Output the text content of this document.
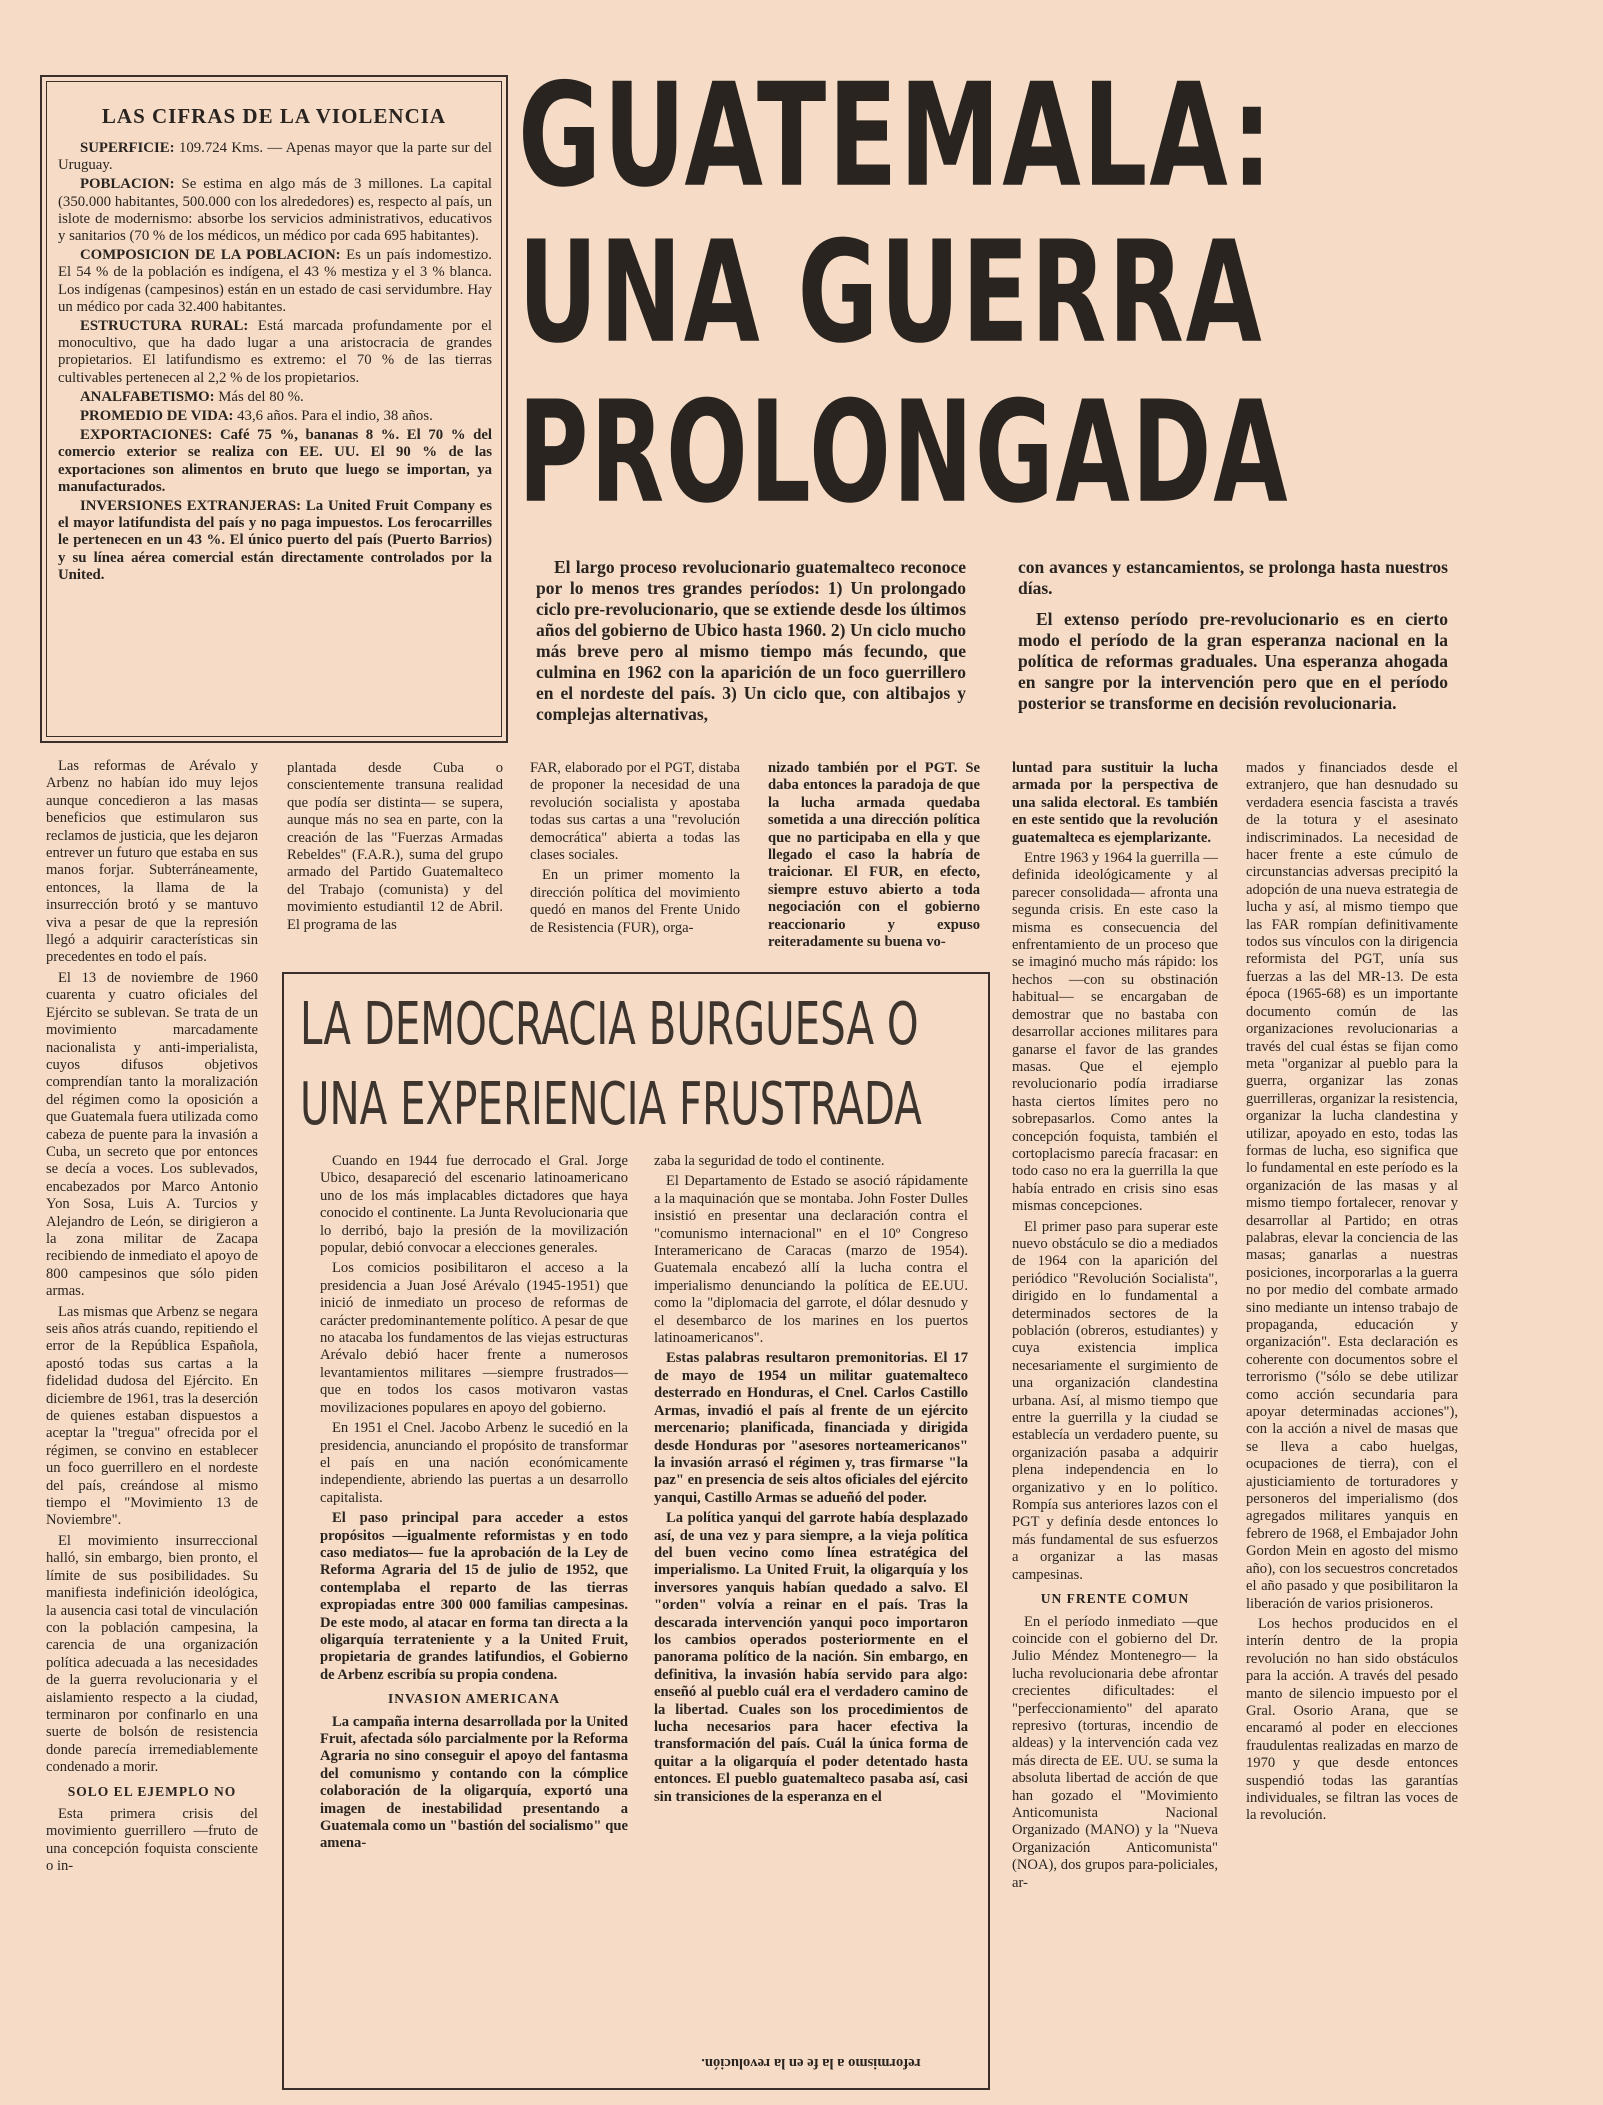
LAS CIFRAS DE LA VIOLENCIA

SUPERFICIE: 109.724 Kms. — Apenas mayor que la parte sur del Uruguay.

POBLACION: Se estima en algo más de 3 millones. La capital (350.000 habitantes, 500.000 con los alrededores) es, respecto al país, un islote de modernismo: absorbe los servicios administrativos, educativos y sanitarios (70 % de los médicos, un médico por cada 695 habitantes).

COMPOSICION DE LA POBLACION: Es un país indomestizo. El 54 % de la población es indígena, el 43 % mestiza y el 3 % blanca. Los indígenas (campesinos) están en un estado de casi servidumbre. Hay un médico por cada 32.400 habitantes.

ESTRUCTURA RURAL: Está marcada profundamente por el monocultivo, que ha dado lugar a una aristocracia de grandes propietarios. El latifundismo es extremo: el 70 % de las tierras cultivables pertenecen al 2,2 % de los propietarios.

ANALFABETISMO: Más del 80 %.

PROMEDIO DE VIDA: 43,6 años. Para el indio, 38 años.

EXPORTACIONES: Café 75 %, bananas 8 %. El 70 % del comercio exterior se realiza con EE. UU. El 90 % de las exportaciones son alimentos en bruto que luego se importan, ya manufacturados.

INVERSIONES EXTRANJERAS: La United Fruit Company es el mayor latifundista del país y no paga impuestos. Los ferocarrilles le pertenecen en un 43 %. El único puerto del país (Puerto Barrios) y su línea aérea comercial están directamente controlados por la United.

GUATEMALA:
UNA GUERRA
PROLONGADA

El largo proceso revolucionario guatemalteco reconoce por lo menos tres grandes períodos: 1) Un prolongado ciclo pre-revolucionario, que se extiende desde los últimos años del gobierno de Ubico hasta 1960. 2) Un ciclo mucho más breve pero al mismo tiempo más fecundo, que culmina en 1962 con la aparición de un foco guerrillero en el nordeste del país. 3) Un ciclo que, con altibajos y complejas alternativas,

con avances y estancamientos, se prolonga hasta nuestros días.

El extenso período pre-revolucionario es en cierto modo el período de la gran esperanza nacional en la política de reformas graduales. Una esperanza ahogada en sangre por la intervención pero que en el período posterior se transforme en decisión revolucionaria.

Las reformas de Arévalo y Arbenz no habían ido muy lejos aunque concedieron a las masas beneficios que estimularon sus reclamos de justicia, que les dejaron entrever un futuro que estaba en sus manos forjar. Subterráneamente, entonces, la llama de la insurrección brotó y se mantuvo viva a pesar de que la represión llegó a adquirir características sin precedentes en todo el país.

El 13 de noviembre de 1960 cuarenta y cuatro oficiales del Ejército se sublevan. Se trata de un movimiento marcadamente nacionalista y anti-imperialista, cuyos difusos objetivos comprendían tanto la moralización del régimen como la oposición a que Guatemala fuera utilizada como cabeza de puente para la invasión a Cuba, un secreto que por entonces se decía a voces. Los sublevados, encabezados por Marco Antonio Yon Sosa, Luis A. Turcios y Alejandro de León, se dirigieron a la zona militar de Zacapa recibiendo de inmediato el apoyo de 800 campesinos que sólo piden armas.

Las mismas que Arbenz se negara seis años atrás cuando, repitiendo el error de la República Española, apostó todas sus cartas a la fidelidad dudosa del Ejército. En diciembre de 1961, tras la deserción de quienes estaban dispuestos a aceptar la "tregua" ofrecida por el régimen, se convino en establecer un foco guerrillero en el nordeste del país, creándose al mismo tiempo el "Movimiento 13 de Noviembre".

El movimiento insurreccional halló, sin embargo, bien pronto, el límite de sus posibilidades. Su manifiesta indefinición ideológica, la ausencia casi total de vinculación con la población campesina, la carencia de una organización política adecuada a las necesidades de la guerra revolucionaria y el aislamiento respecto a la ciudad, terminaron por confinarlo en una suerte de bolsón de resistencia donde parecía irremediablemente condenado a morir.

SOLO EL EJEMPLO NO

Esta primera crisis del movimiento guerrillero —fruto de una concepción foquista consciente o in-

plantada desde Cuba o conscientemente transuna realidad que podía ser distinta— se supera, aunque más no sea en parte, con la creación de las "Fuerzas Armadas Rebeldes" (F.A.R.), suma del grupo armado del Partido Guatemalteco del Trabajo (comunista) y del movimiento estudiantil 12 de Abril. El programa de las

FAR, elaborado por el PGT, distaba de proponer la necesidad de una revolución socialista y apostaba todas sus cartas a una "revolución democrática" abierta a todas las clases sociales.

En un primer momento la dirección política del movimiento quedó en manos del Frente Unido de Resistencia (FUR), orga-

nizado también por el PGT. Se daba entonces la paradoja de que la lucha armada quedaba sometida a una dirección política que no participaba en ella y que llegado el caso la habría de traicionar. El FUR, en efecto, siempre estuvo abierto a toda negociación con el gobierno reaccionario y expuso reiteradamente su buena vo-

luntad para sustituir la lucha armada por la perspectiva de una salida electoral. Es también en este sentido que la revolución guatemalteca es ejemplarizante.

Entre 1963 y 1964 la guerrilla —definida ideológicamente y al parecer consolidada— afronta una segunda crisis. En este caso la misma es consecuencia del enfrentamiento de un proceso que se imaginó mucho más rápido: los hechos —con su obstinación habitual— se encargaban de demostrar que no bastaba con desarrollar acciones militares para ganarse el favor de las grandes masas. Que el ejemplo revolucionario podía irradiarse hasta ciertos límites pero no sobrepasarlos. Como antes la concepción foquista, también el cortoplacismo parecía fracasar: en todo caso no era la guerrilla la que había entrado en crisis sino esas mismas concepciones.

El primer paso para superar este nuevo obstáculo se dio a mediados de 1964 con la aparición del periódico "Revolución Socialista", dirigido en lo fundamental a determinados sectores de la población (obreros, estudiantes) y cuya existencia implica necesariamente el surgimiento de una organización clandestina urbana. Así, al mismo tiempo que entre la guerrilla y la ciudad se establecía un verdadero puente, su organización pasaba a adquirir plena independencia en lo organizativo y en lo político. Rompía sus anteriores lazos con el PGT y definía desde entonces lo más fundamental de sus esfuerzos a organizar a las masas campesinas.

UN FRENTE COMUN

En el período inmediato —que coincide con el gobierno del Dr. Julio Méndez Montenegro— la lucha revolucionaria debe afrontar crecientes dificultades: el "perfeccionamiento" del aparato represivo (torturas, incendio de aldeas) y la intervención cada vez más directa de EE. UU. se suma la absoluta libertad de acción de que han gozado el "Movimiento Anticomunista Nacional Organizado (MANO) y la "Nueva Organización Anticomunista" (NOA), dos grupos para-policiales, ar-

mados y financiados desde el extranjero, que han desnudado su verdadera esencia fascista a través de la totura y el asesinato indiscriminados. La necesidad de hacer frente a este cúmulo de circunstancias adversas precipitó la adopción de una nueva estrategia de lucha y así, al mismo tiempo que las FAR rompían definitivamente todos sus vínculos con la dirigencia reformista del PGT, unía sus fuerzas a las del MR-13. De esta época (1965-68) es un importante documento común de las organizaciones revolucionarias a través del cual éstas se fijan como meta "organizar al pueblo para la guerra, organizar las zonas guerrilleras, organizar la resistencia, organizar la lucha clandestina y utilizar, apoyado en esto, todas las formas de lucha, eso significa que lo fundamental en este período es la organización de las masas y al mismo tiempo fortalecer, renovar y desarrollar al Partido; en otras palabras, elevar la conciencia de las masas; ganarlas a nuestras posiciones, incorporarlas a la guerra no por medio del combate armado sino mediante un intenso trabajo de propaganda, educación y organización". Esta declaración es coherente con documentos sobre el terrorismo ("sólo se debe utilizar como acción secundaria para apoyar determinadas acciones"), con la acción a nivel de masas que se lleva a cabo huelgas, ocupaciones de tierra), con el ajusticiamiento de torturadores y personeros del imperialismo (dos agregados militares yanquis en febrero de 1968, el Embajador John Gordon Mein en agosto del mismo año), con los secuestros concretados el año pasado y que posibilitaron la liberación de varios prisioneros.

Los hechos producidos en el interín dentro de la propia revolución no han sido obstáculos para la acción. A través del pesado manto de silencio impuesto por el Gral. Osorio Arana, que se encaramó al poder en elecciones fraudulentas realizadas en marzo de 1970 y que desde entonces suspendió todas las garantías individuales, se filtran las voces de la revolución.

LA DEMOCRACIA BURGUESA O
UNA EXPERIENCIA FRUSTRADA

Cuando en 1944 fue derrocado el Gral. Jorge Ubico, desapareció del escenario latinoamericano uno de los más implacables dictadores que haya conocido el continente. La Junta Revolucionaria que lo derribó, bajo la presión de la movilización popular, debió convocar a elecciones generales.

Los comicios posibilitaron el acceso a la presidencia a Juan José Arévalo (1945-1951) que inició de inmediato un proceso de reformas de carácter predominantemente político. A pesar de que no atacaba los fundamentos de las viejas estructuras Arévalo debió hacer frente a numerosos levantamientos militares —siempre frustrados— que en todos los casos motivaron vastas movilizaciones populares en apoyo del gobierno.

En 1951 el Cnel. Jacobo Arbenz le sucedió en la presidencia, anunciando el propósito de transformar el país en una nación económicamente independiente, abriendo las puertas a un desarrollo capitalista.

El paso principal para acceder a estos propósitos —igualmente reformistas y en todo caso mediatos— fue la aprobación de la Ley de Reforma Agraria del 15 de julio de 1952, que contemplaba el reparto de las tierras expropiadas entre 300 000 familias campesinas. De este modo, al atacar en forma tan directa a la oligarquía terrateniente y a la United Fruit, propietaria de grandes latifundios, el Gobierno de Arbenz escribía su propia condena.

INVASION AMERICANA

La campaña interna desarrollada por la United Fruit, afectada sólo parcialmente por la Reforma Agraria no sino conseguir el apoyo del fantasma del comunismo y contando con la cómplice colaboración de la oligarquía, exportó una imagen de inestabilidad presentando a Guatemala como un "bastión del socialismo" que amena-

zaba la seguridad de todo el continente.

El Departamento de Estado se asoció rápidamente a la maquinación que se montaba. John Foster Dulles insistió en presentar una declaración contra el "comunismo internacional" en el 10º Congreso Interamericano de Caracas (marzo de 1954). Guatemala encabezó allí la lucha contra el imperialismo denunciando la política de EE.UU. como la "diplomacia del garrote, el dólar desnudo y el desembarco de los marines en los puertos latinoamericanos".

Estas palabras resultaron premonitorias. El 17 de mayo de 1954 un militar guatemalteco desterrado en Honduras, el Cnel. Carlos Castillo Armas, invadió el país al frente de un ejército mercenario; planificada, financiada y dirigida desde Honduras por "asesores norteamericanos" la invasión arrasó el régimen y, tras firmarse "la paz" en presencia de seis altos oficiales del ejército yanqui, Castillo Armas se adueñó del poder.

La política yanqui del garrote había desplazado así, de una vez y para siempre, a la vieja política del buen vecino como línea estratégica del imperialismo. La United Fruit, la oligarquía y los inversores yanquis habían quedado a salvo. El "orden" volvía a reinar en el país. Tras la descarada intervención yanqui poco importaron los cambios operados posteriormente en el panorama político de la nación. Sin embargo, en definitiva, la invasión había servido para algo: enseñó al pueblo cuál era el verdadero camino de la libertad. Cuales son los procedimientos de lucha necesarios para hacer efectiva la transformación del país. Cuál la única forma de quitar a la oligarquía el poder detentado hasta entonces. El pueblo guatemalteco pasaba así, casi sin transiciones de la esperanza en el

reformismo a la fe en la revolución.
